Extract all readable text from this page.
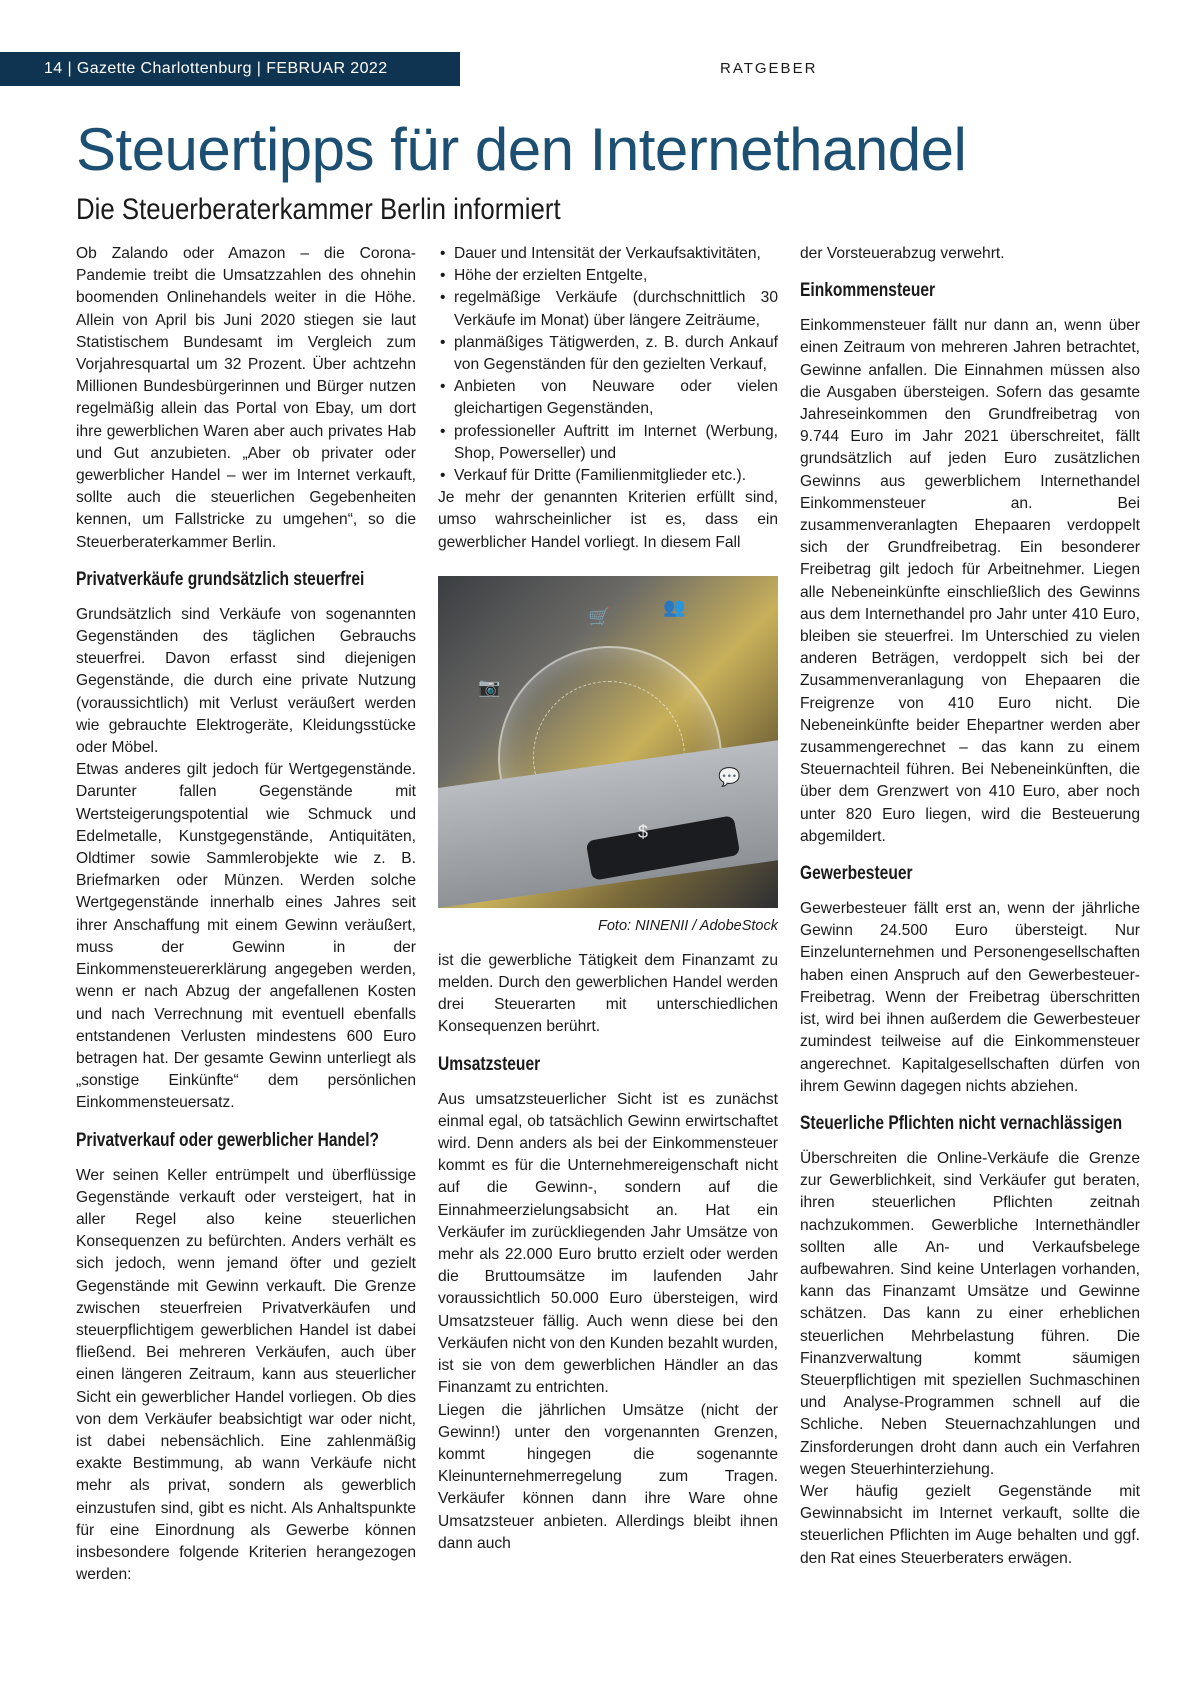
14 | Gazette Charlottenburg | FEBRUAR 2022	RATGEBER
Steuertipps für den Internethandel
Die Steuerberaterkammer Berlin informiert

Ob Zalando oder Amazon – die Corona-Pandemie treibt die Umsatzzahlen des ohnehin boomenden Onlinehandels weiter in die Höhe. Allein von April bis Juni 2020 stiegen sie laut Statistischem Bundesamt im Vergleich zum Vorjahresquartal um 32 Prozent. Über achtzehn Millionen Bundesbürgerinnen und Bürger nutzen regelmäßig allein das Portal von Ebay, um dort ihre gewerblichen Waren aber auch privates Hab und Gut anzubieten. „Aber ob privater oder gewerblicher Handel – wer im Internet verkauft, sollte auch die steuerlichen Gegebenheiten kennen, um Fallstricke zu umgehen“, so die Steuerberaterkammer Berlin.

Privatverkäufe grundsätzlich steuerfrei

Grundsätzlich sind Verkäufe von sogenannten Gegenständen des täglichen Gebrauchs steuerfrei. Davon erfasst sind diejenigen Gegenstände, die durch eine private Nutzung (voraussichtlich) mit Verlust veräußert werden wie gebrauchte Elektrogeräte, Kleidungsstücke oder Möbel.

Etwas anderes gilt jedoch für Wertgegenstände. Darunter fallen Gegenstände mit Wertsteigerungspotential wie Schmuck und Edelmetalle, Kunstgegenstände, Antiquitäten, Oldtimer sowie Sammlerobjekte wie z. B. Briefmarken oder Münzen. Werden solche Wertgegenstände innerhalb eines Jahres seit ihrer Anschaffung mit einem Gewinn veräußert, muss der Gewinn in der Einkommensteuererklärung angegeben werden, wenn er nach Abzug der angefallenen Kosten und nach Verrechnung mit eventuell ebenfalls entstandenen Verlusten mindestens 600 Euro betragen hat. Der gesamte Gewinn unterliegt als „sonstige Einkünfte“ dem persönlichen Einkommensteuersatz.

Privatverkauf oder gewerblicher Handel?

Wer seinen Keller entrümpelt und überflüssige Gegenstände verkauft oder versteigert, hat in aller Regel also keine steuerlichen Konsequenzen zu befürchten. Anders verhält es sich jedoch, wenn jemand öfter und gezielt Gegenstände mit Gewinn verkauft. Die Grenze zwischen steuerfreien Privatverkäufen und steuerpflichtigem gewerblichen Handel ist dabei fließend. Bei mehreren Verkäufen, auch über einen längeren Zeitraum, kann aus steuerlicher Sicht ein gewerblicher Handel vorliegen. Ob dies von dem Verkäufer beabsichtigt war oder nicht, ist dabei nebensächlich. Eine zahlenmäßig exakte Bestimmung, ab wann Verkäufe nicht mehr als privat, sondern als gewerblich einzustufen sind, gibt es nicht. Als Anhaltspunkte für eine Einordnung als Gewerbe können insbesondere folgende Kriterien herangezogen werden:

• Dauer und Intensität der Verkaufsaktivitäten,
• Höhe der erzielten Entgelte,
• regelmäßige Verkäufe (durchschnittlich 30 Verkäufe im Monat) über längere Zeiträume,
• planmäßiges Tätigwerden, z. B. durch Ankauf von Gegenständen für den gezielten Verkauf,
• Anbieten von Neuware oder vielen gleichartigen Gegenständen,
• professioneller Auftritt im Internet (Werbung, Shop, Powerseller) und
• Verkauf für Dritte (Familienmitglieder etc.).

Je mehr der genannten Kriterien erfüllt sind, umso wahrscheinlicher ist es, dass ein gewerblicher Handel vorliegt. In diesem Fall

🛒
📷
👥
💬
$
Foto: NINENII / AdobeStock

ist die gewerbliche Tätigkeit dem Finanzamt zu melden. Durch den gewerblichen Handel werden drei Steuerarten mit unterschiedlichen Konsequenzen berührt.

Umsatzsteuer

Aus umsatzsteuerlicher Sicht ist es zunächst einmal egal, ob tatsächlich Gewinn erwirtschaftet wird. Denn anders als bei der Einkommensteuer kommt es für die Unternehmereigenschaft nicht auf die Gewinn-, sondern auf die Einnahmeerzielungsabsicht an. Hat ein Verkäufer im zurückliegenden Jahr Umsätze von mehr als 22.000 Euro brutto erzielt oder werden die Bruttoumsätze im laufenden Jahr voraussichtlich 50.000 Euro übersteigen, wird Umsatzsteuer fällig. Auch wenn diese bei den Verkäufen nicht von den Kunden bezahlt wurden, ist sie von dem gewerblichen Händler an das Finanzamt zu entrichten.

Liegen die jährlichen Umsätze (nicht der Gewinn!) unter den vorgenannten Grenzen, kommt hingegen die sogenannte Kleinunternehmerregelung zum Tragen. Verkäufer können dann ihre Ware ohne Umsatzsteuer anbieten. Allerdings bleibt ihnen dann auch

der Vorsteuerabzug verwehrt.

Einkommensteuer

Einkommensteuer fällt nur dann an, wenn über einen Zeitraum von mehreren Jahren betrachtet, Gewinne anfallen. Die Einnahmen müssen also die Ausgaben übersteigen. Sofern das gesamte Jahreseinkommen den Grundfreibetrag von 9.744 Euro im Jahr 2021 überschreitet, fällt grundsätzlich auf jeden Euro zusätzlichen Gewinns aus gewerblichem Internethandel Einkommensteuer an. Bei zusammenveranlagten Ehepaaren verdoppelt sich der Grundfreibetrag. Ein besonderer Freibetrag gilt jedoch für Arbeitnehmer. Liegen alle Nebeneinkünfte einschließlich des Gewinns aus dem Internethandel pro Jahr unter 410 Euro, bleiben sie steuerfrei. Im Unterschied zu vielen anderen Beträgen, verdoppelt sich bei der Zusammenveranlagung von Ehepaaren die Freigrenze von 410 Euro nicht. Die Nebeneinkünfte beider Ehepartner werden aber zusammengerechnet – das kann zu einem Steuernachteil führen. Bei Nebeneinkünften, die über dem Grenzwert von 410 Euro, aber noch unter 820 Euro liegen, wird die Besteuerung abgemildert.

Gewerbesteuer

Gewerbesteuer fällt erst an, wenn der jährliche Gewinn 24.500 Euro übersteigt. Nur Einzelunternehmen und Personengesellschaften haben einen Anspruch auf den Gewerbesteuer-Freibetrag. Wenn der Freibetrag überschritten ist, wird bei ihnen außerdem die Gewerbesteuer zumindest teilweise auf die Einkommensteuer angerechnet. Kapitalgesellschaften dürfen von ihrem Gewinn dagegen nichts abziehen.

Steuerliche Pflichten nicht vernachlässigen

Überschreiten die Online-Verkäufe die Grenze zur Gewerblichkeit, sind Verkäufer gut beraten, ihren steuerlichen Pflichten zeitnah nachzukommen. Gewerbliche Internethändler sollten alle An- und Verkaufsbelege aufbewahren. Sind keine Unterlagen vorhanden, kann das Finanzamt Umsätze und Gewinne schätzen. Das kann zu einer erheblichen steuerlichen Mehrbelastung führen. Die Finanzverwaltung kommt säumigen Steuerpflichtigen mit speziellen Suchmaschinen und Analyse-Programmen schnell auf die Schliche. Neben Steuernachzahlungen und Zinsforderungen droht dann auch ein Verfahren wegen Steuerhinterziehung.

Wer häufig gezielt Gegenstände mit Gewinnabsicht im Internet verkauft, sollte die steuerlichen Pflichten im Auge behalten und ggf. den Rat eines Steuerberaters erwägen.
